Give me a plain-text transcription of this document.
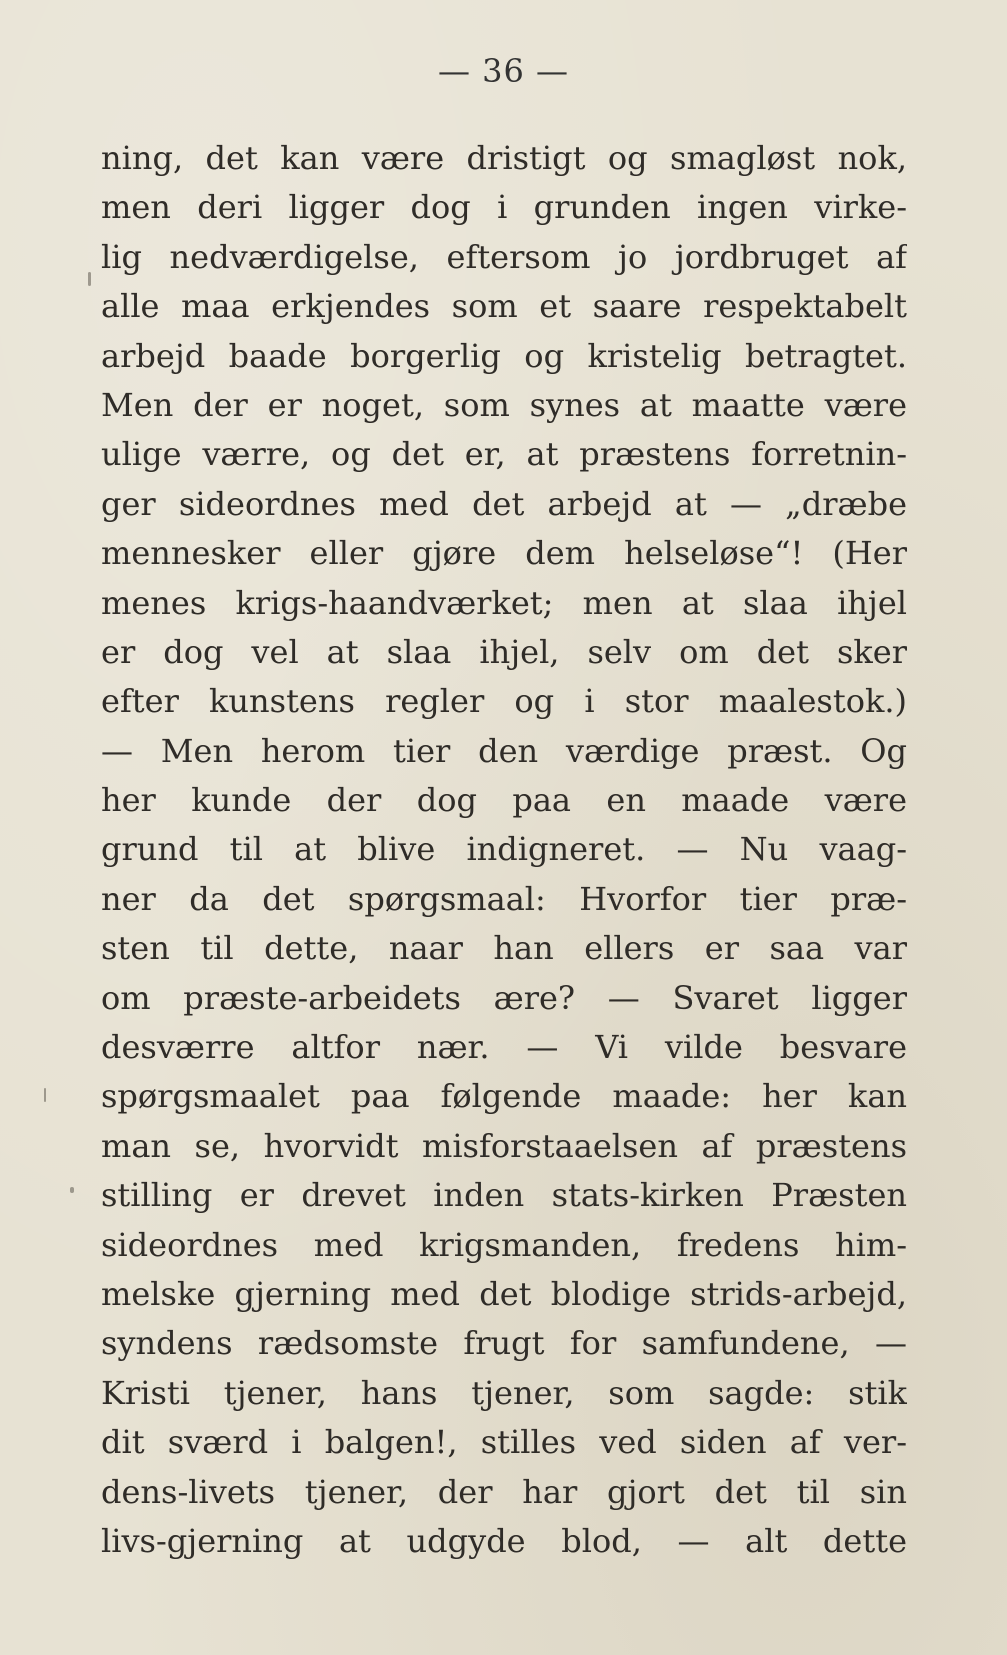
— 36 —
ning, det kan være dristigt og smagløst nok,
men deri ligger dog i grunden ingen virke-
lig nedværdigelse, eftersom jo jordbruget af
alle maa erkjendes som et saare respektabelt
arbejd baade borgerlig og kristelig betragtet.
Men der er noget, som synes at maatte være
ulige værre, og det er, at præstens forretnin-
ger sideordnes med det arbejd at — „dræbe
mennesker eller gjøre dem helseløse“! (Her
menes krigs-haandværket; men at slaa ihjel
er dog vel at slaa ihjel, selv om det sker
efter kunstens regler og i stor maalestok.)
— Men herom tier den værdige præst. Og
her kunde der dog paa en maade være
grund til at blive indigneret. — Nu vaag-
ner da det spørgsmaal: Hvorfor tier præ-
sten til dette, naar han ellers er saa var
om præste-arbeidets ære? — Svaret ligger
desværre altfor nær. — Vi vilde besvare
spørgsmaalet paa følgende maade: her kan
man se, hvorvidt misforstaaelsen af præstens
stilling er drevet inden stats-kirken Præsten
sideordnes med krigsmanden, fredens him-
melske gjerning med det blodige strids-arbejd,
syndens rædsomste frugt for samfundene, —
Kristi tjener, hans tjener, som sagde: stik
dit sværd i balgen!, stilles ved siden af ver-
dens-livets tjener, der har gjort det til sin
livs-gjerning at udgyde blod, — alt dette
